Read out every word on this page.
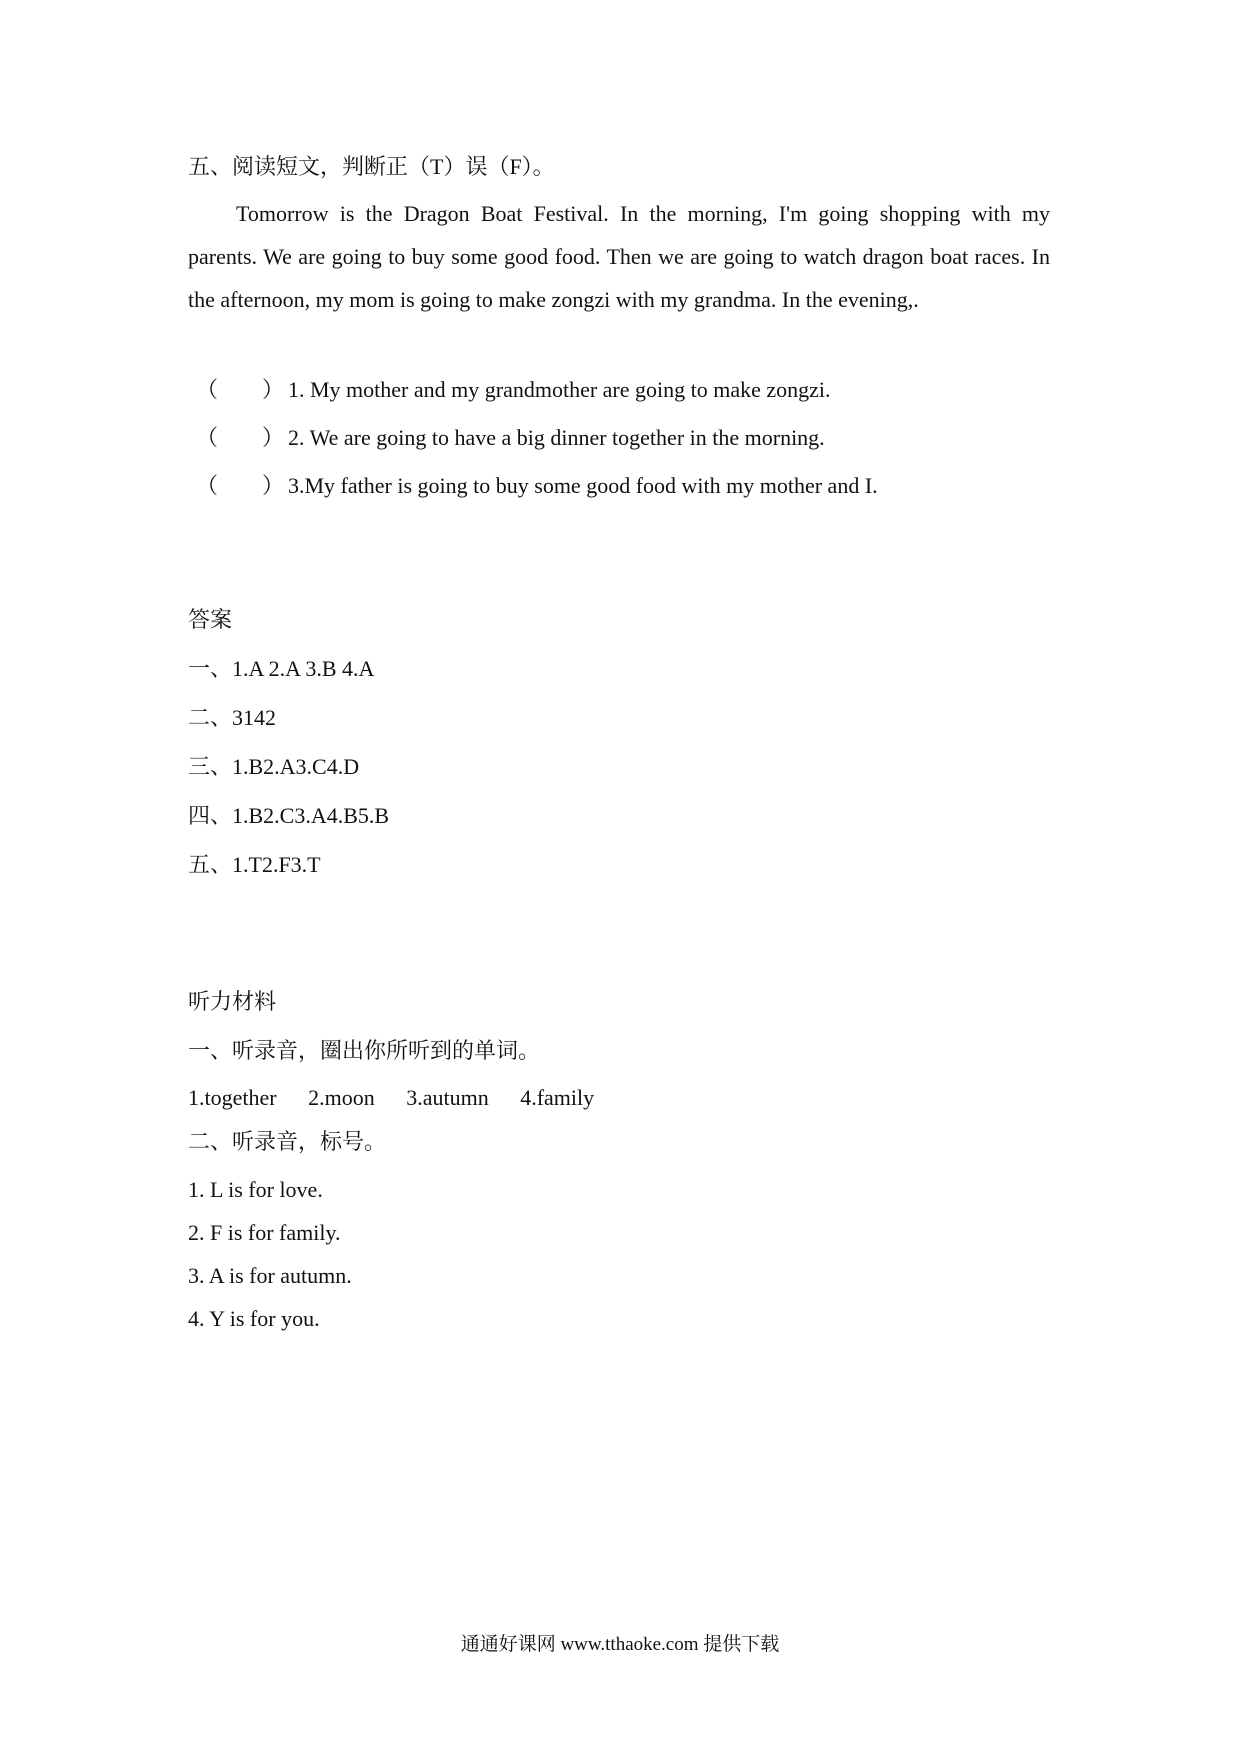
五、阅读短文，判断正（T）误（F）。
Tomorrow is the Dragon Boat Festival. In the morning, I'm going shopping with my parents. We are going to buy some good food. Then we are going to watch dragon boat races. In the afternoon, my mom is going to make zongzi with my grandma. In the evening,.
（　　） 1. My mother and my grandmother are going to make zongzi.
（　　） 2. We are going to have a big dinner together in the morning.
（　　） 3.My father is going to buy some good food with my mother and I.
答案
一、1.A 2.A 3.B 4.A
二、3142
三、1.B2.A3.C4.D
四、1.B2.C3.A4.B5.B
五、1.T2.F3.T
听力材料
一、听录音，圈出你所听到的单词。
1.together 2.moon 3.autumn 4.family
二、听录音，标号。
1. L is for love.
2. F is for family.
3. A is for autumn.
4. Y is for you.
通通好课网 www.tthaoke.com 提供下载
